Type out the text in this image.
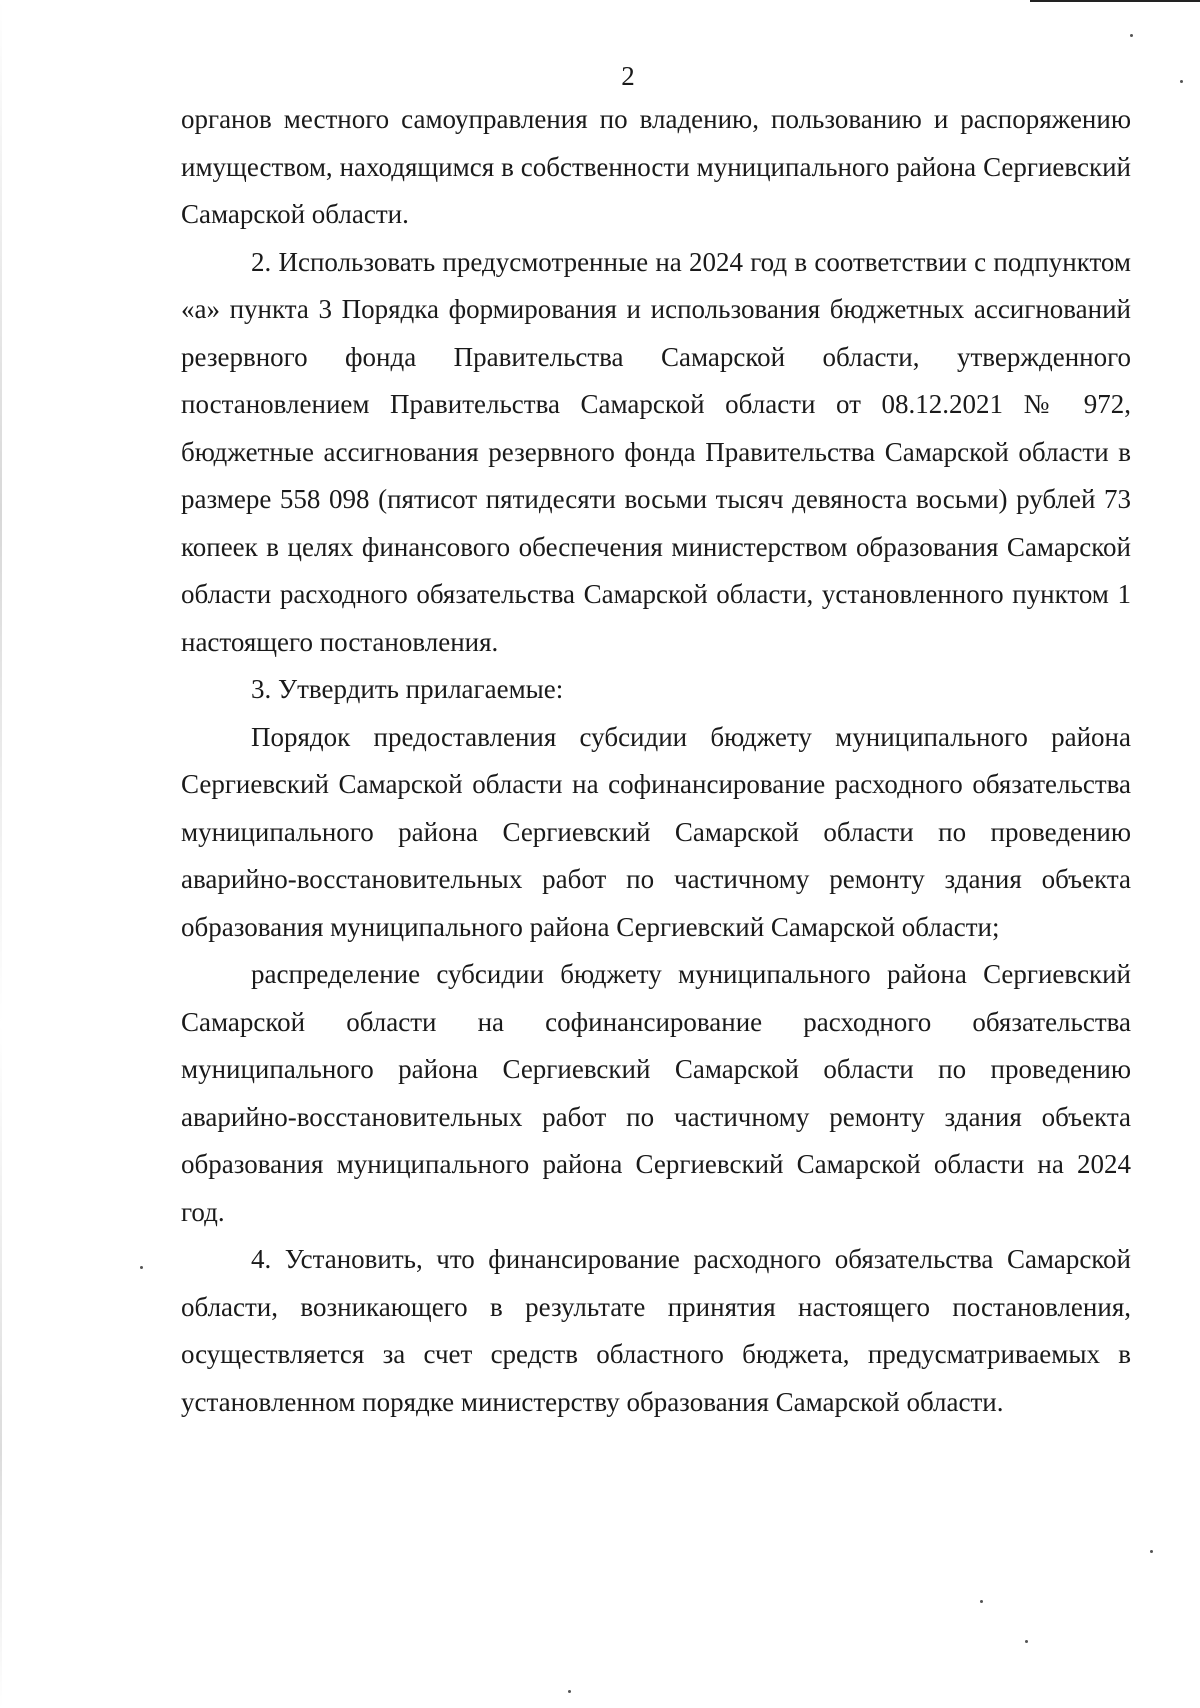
2

органов местного самоуправления по владению, пользованию и распоряжению имуществом, находящимся в собственности муниципального района Сергиевский Самарской области.

2. Использовать предусмотренные на 2024 год в соответствии с подпунктом «а» пункта 3 Порядка формирования и использования бюджетных ассигнований резервного фонда Правительства Самарской области, утвержденного постановлением Правительства Самарской области от 08.12.2021 № 972, бюджетные ассигнования резервного фонда Правительства Самарской области в размере 558 098 (пятисот пятидесяти восьми тысяч девяноста восьми) рублей 73 копеек в целях финансового обеспечения министерством образования Самарской области расходного обязательства Самарской области, установленного пунктом 1 настоящего постановления.

3. Утвердить прилагаемые:

Порядок предоставления субсидии бюджету муниципального района Сергиевский Самарской области на софинансирование расходного обязательства муниципального района Сергиевский Самарской области по проведению аварийно-восстановительных работ по частичному ремонту здания объекта образования муниципального района Сергиевский Самарской области;

распределение субсидии бюджету муниципального района Сергиевский Самарской области на софинансирование расходного обязательства муниципального района Сергиевский Самарской области по проведению аварийно-восстановительных работ по частичному ремонту здания объекта образования муниципального района Сергиевский Самарской области на 2024 год.

4. Установить, что финансирование расходного обязательства Самарской области, возникающего в результате принятия настоящего постановления, осуществляется за счет средств областного бюджета, предусматриваемых в установленном порядке министерству образования Самарской области.
